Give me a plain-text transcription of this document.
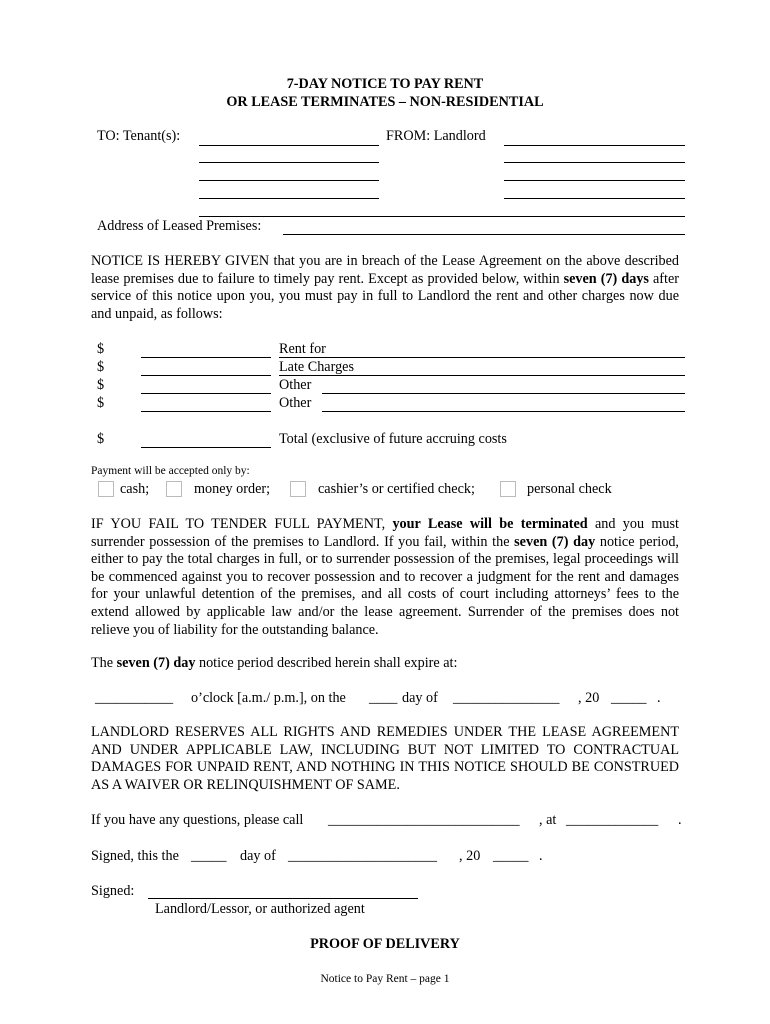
7-DAY NOTICE TO PAY RENT
OR LEASE TERMINATES – NON-RESIDENTIAL
TO: Tenant(s):	FROM: Landlord
Address of Leased Premises:
NOTICE IS HEREBY GIVEN that you are in breach of the Lease Agreement on the above described lease premises due to failure to timely pay rent. Except as provided below, within seven (7) days after service of this notice upon you, you must pay in full to Landlord the rent and other charges now due and unpaid, as follows:
$	Rent for
$	Late Charges
$	Other
$	Other
$	Total (exclusive of future accruing costs
Payment will be accepted only by:
cash;	money order;	cashier’s or certified check;	personal check
IF YOU FAIL TO TENDER FULL PAYMENT, your Lease will be terminated and you must surrender possession of the premises to Landlord. If you fail, within the seven (7) day notice period, either to pay the total charges in full, or to surrender possession of the premises, legal proceedings will be commenced against you to recover possession and to recover a judgment for the rent and damages for your unlawful detention of the premises, and all costs of court including attorneys’ fees to the extend allowed by applicable law and/or the lease agreement. Surrender of the premises does not relieve you of liability for the outstanding balance.
The seven (7) day notice period described herein shall expire at:
___________ o’clock [a.m./ p.m.], on the ____ day of _______________ , 20 _____ .
LANDLORD RESERVES ALL RIGHTS AND REMEDIES UNDER THE LEASE AGREEMENT AND UNDER APPLICABLE LAW, INCLUDING BUT NOT LIMITED TO CONTRACTUAL DAMAGES FOR UNPAID RENT, AND NOTHING IN THIS NOTICE SHOULD BE CONSTRUED AS A WAIVER OR RELINQUISHMENT OF SAME.
If you have any questions, please call ___________________________ , at _____________ .
Signed, this the _____ day of _____________________ , 20 _____ .
Signed:
Landlord/Lessor, or authorized agent
PROOF OF DELIVERY
Notice to Pay Rent – page 1
